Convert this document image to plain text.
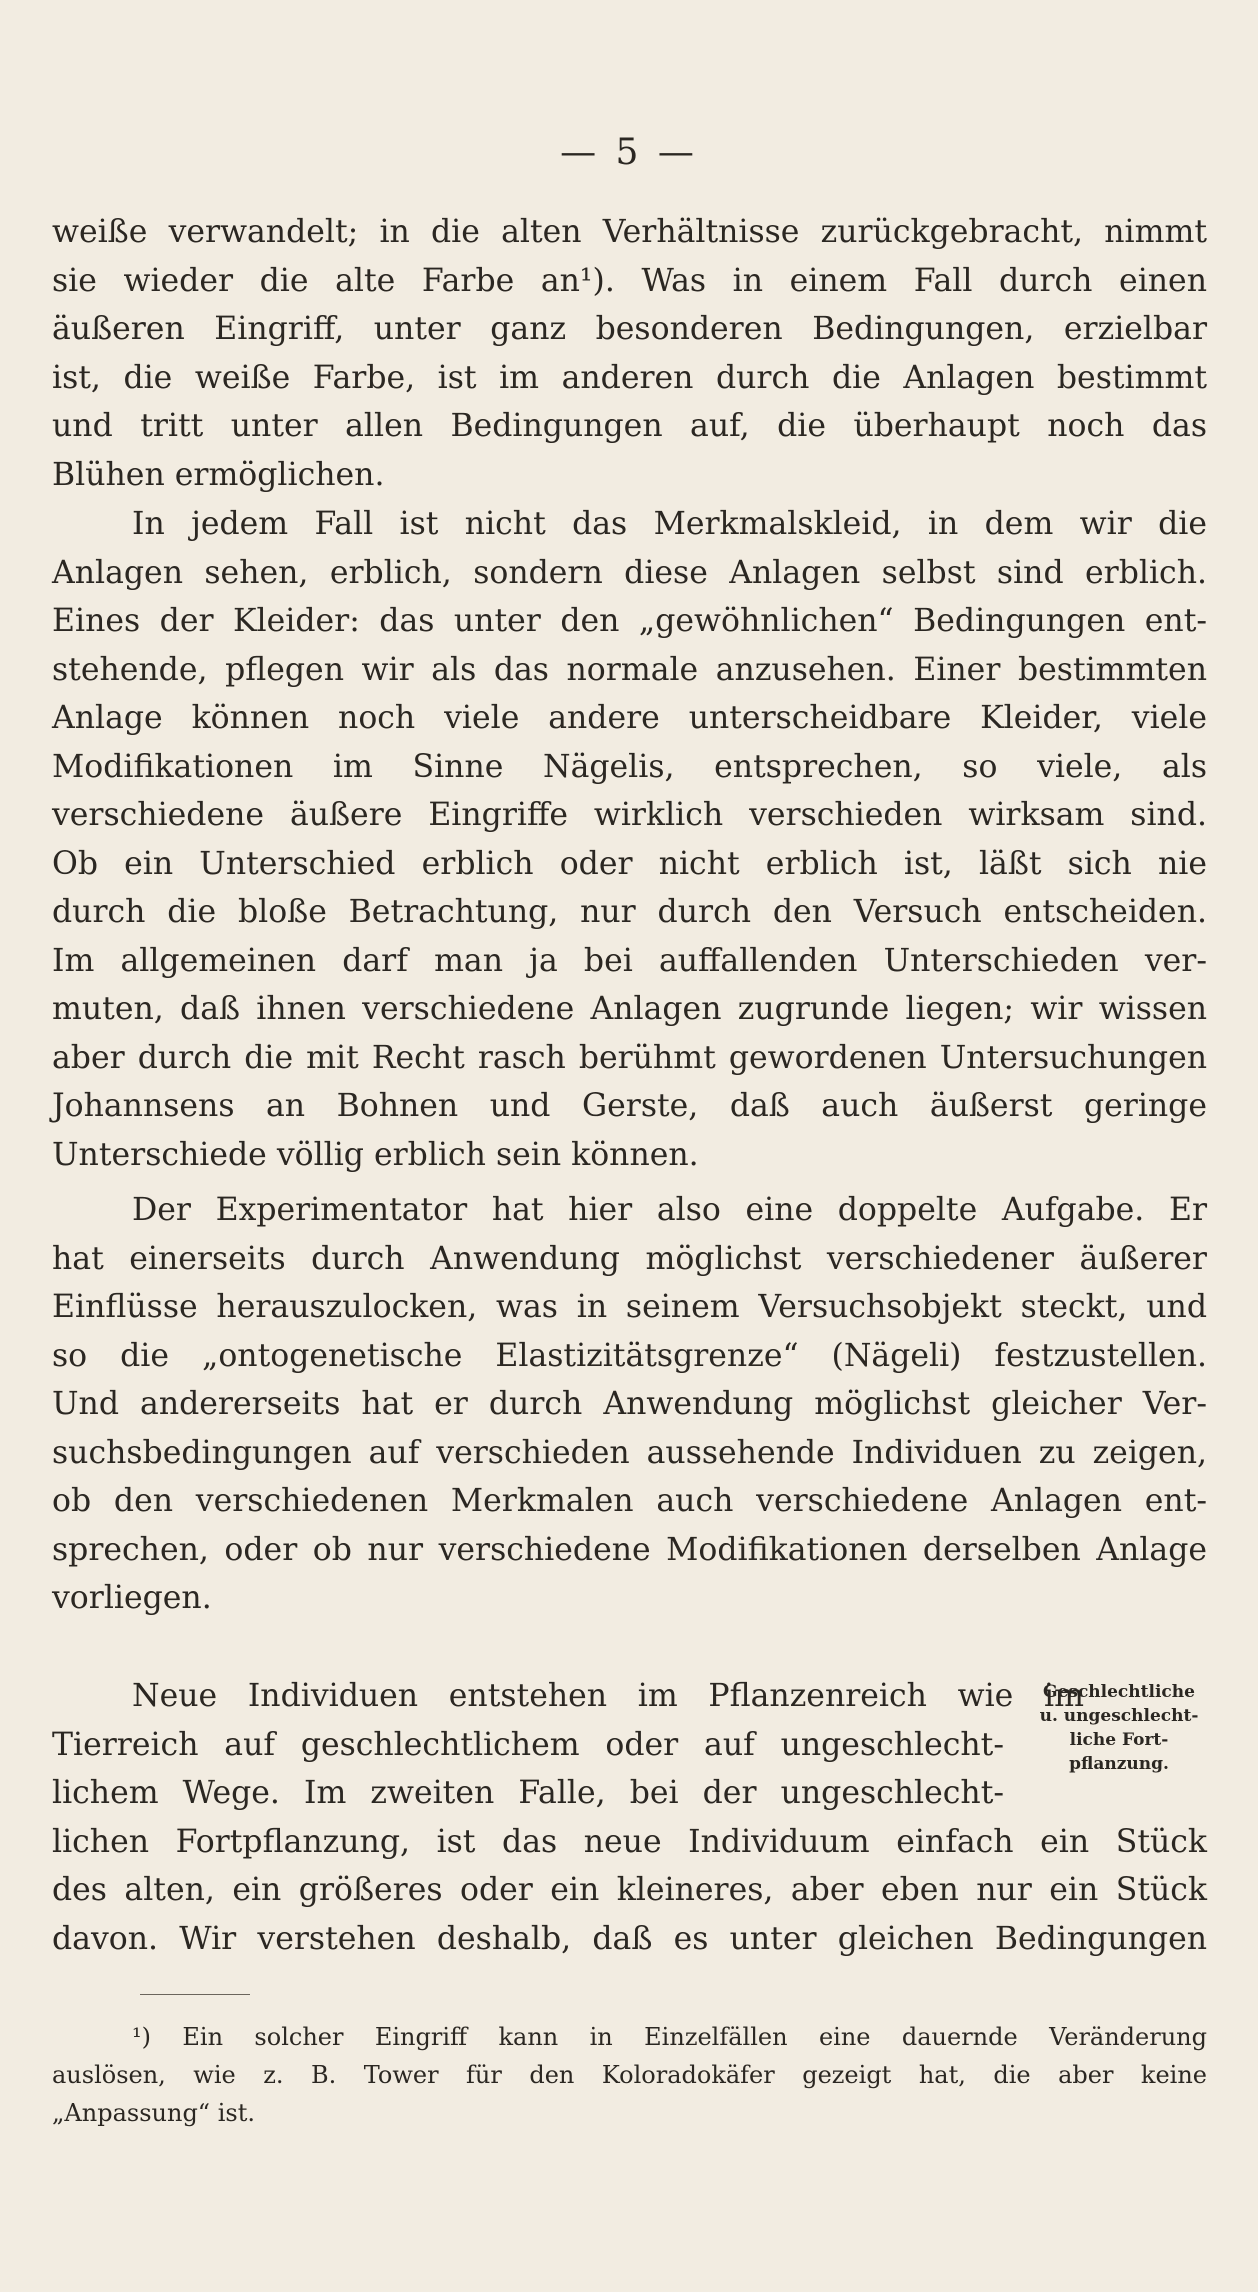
— 5 —
weiße verwandelt; in die alten Verhältnisse zurückgebracht, nimmt
sie wieder die alte Farbe an¹). Was in einem Fall durch einen
äußeren Eingriff, unter ganz besonderen Bedingungen, erzielbar
ist, die weiße Farbe, ist im anderen durch die Anlagen bestimmt
und tritt unter allen Bedingungen auf, die überhaupt noch das
Blühen ermöglichen.
In jedem Fall ist nicht das Merkmalskleid, in dem wir die
Anlagen sehen, erblich, sondern diese Anlagen selbst sind erblich.
Eines der Kleider: das unter den „gewöhnlichen“ Bedingungen ent-
stehende, pflegen wir als das normale anzusehen. Einer bestimmten
Anlage können noch viele andere unterscheidbare Kleider, viele
Modifikationen im Sinne Nägelis, entsprechen, so viele, als
verschiedene äußere Eingriffe wirklich verschieden wirksam sind.
Ob ein Unterschied erblich oder nicht erblich ist, läßt sich nie
durch die bloße Betrachtung, nur durch den Versuch entscheiden.
Im allgemeinen darf man ja bei auffallenden Unterschieden ver-
muten, daß ihnen verschiedene Anlagen zugrunde liegen; wir wissen
aber durch die mit Recht rasch berühmt gewordenen Untersuchungen
Johannsens an Bohnen und Gerste, daß auch äußerst geringe
Unterschiede völlig erblich sein können.
Der Experimentator hat hier also eine doppelte Aufgabe. Er
hat einerseits durch Anwendung möglichst verschiedener äußerer
Einflüsse herauszulocken, was in seinem Versuchsobjekt steckt, und
so die „ontogenetische Elastizitätsgrenze“ (Nägeli) festzustellen.
Und andererseits hat er durch Anwendung möglichst gleicher Ver-
suchsbedingungen auf verschieden aussehende Individuen zu zeigen,
ob den verschiedenen Merkmalen auch verschiedene Anlagen ent-
sprechen, oder ob nur verschiedene Modifikationen derselben Anlage
vorliegen.
Neue Individuen entstehen im Pflanzenreich wie im
Tierreich auf geschlechtlichem oder auf ungeschlecht-
lichem Wege. Im zweiten Falle, bei der ungeschlecht-
lichen Fortpflanzung, ist das neue Individuum einfach ein Stück
des alten, ein größeres oder ein kleineres, aber eben nur ein Stück
davon. Wir verstehen deshalb, daß es unter gleichen Bedingungen
Geschlechtliche
u. ungeschlecht-
liche Fort-
pflanzung.
¹) Ein solcher Eingriff kann in Einzelfällen eine dauernde Veränderung
auslösen, wie z. B. Tower für den Koloradokäfer gezeigt hat, die aber keine
„Anpassung“ ist.
